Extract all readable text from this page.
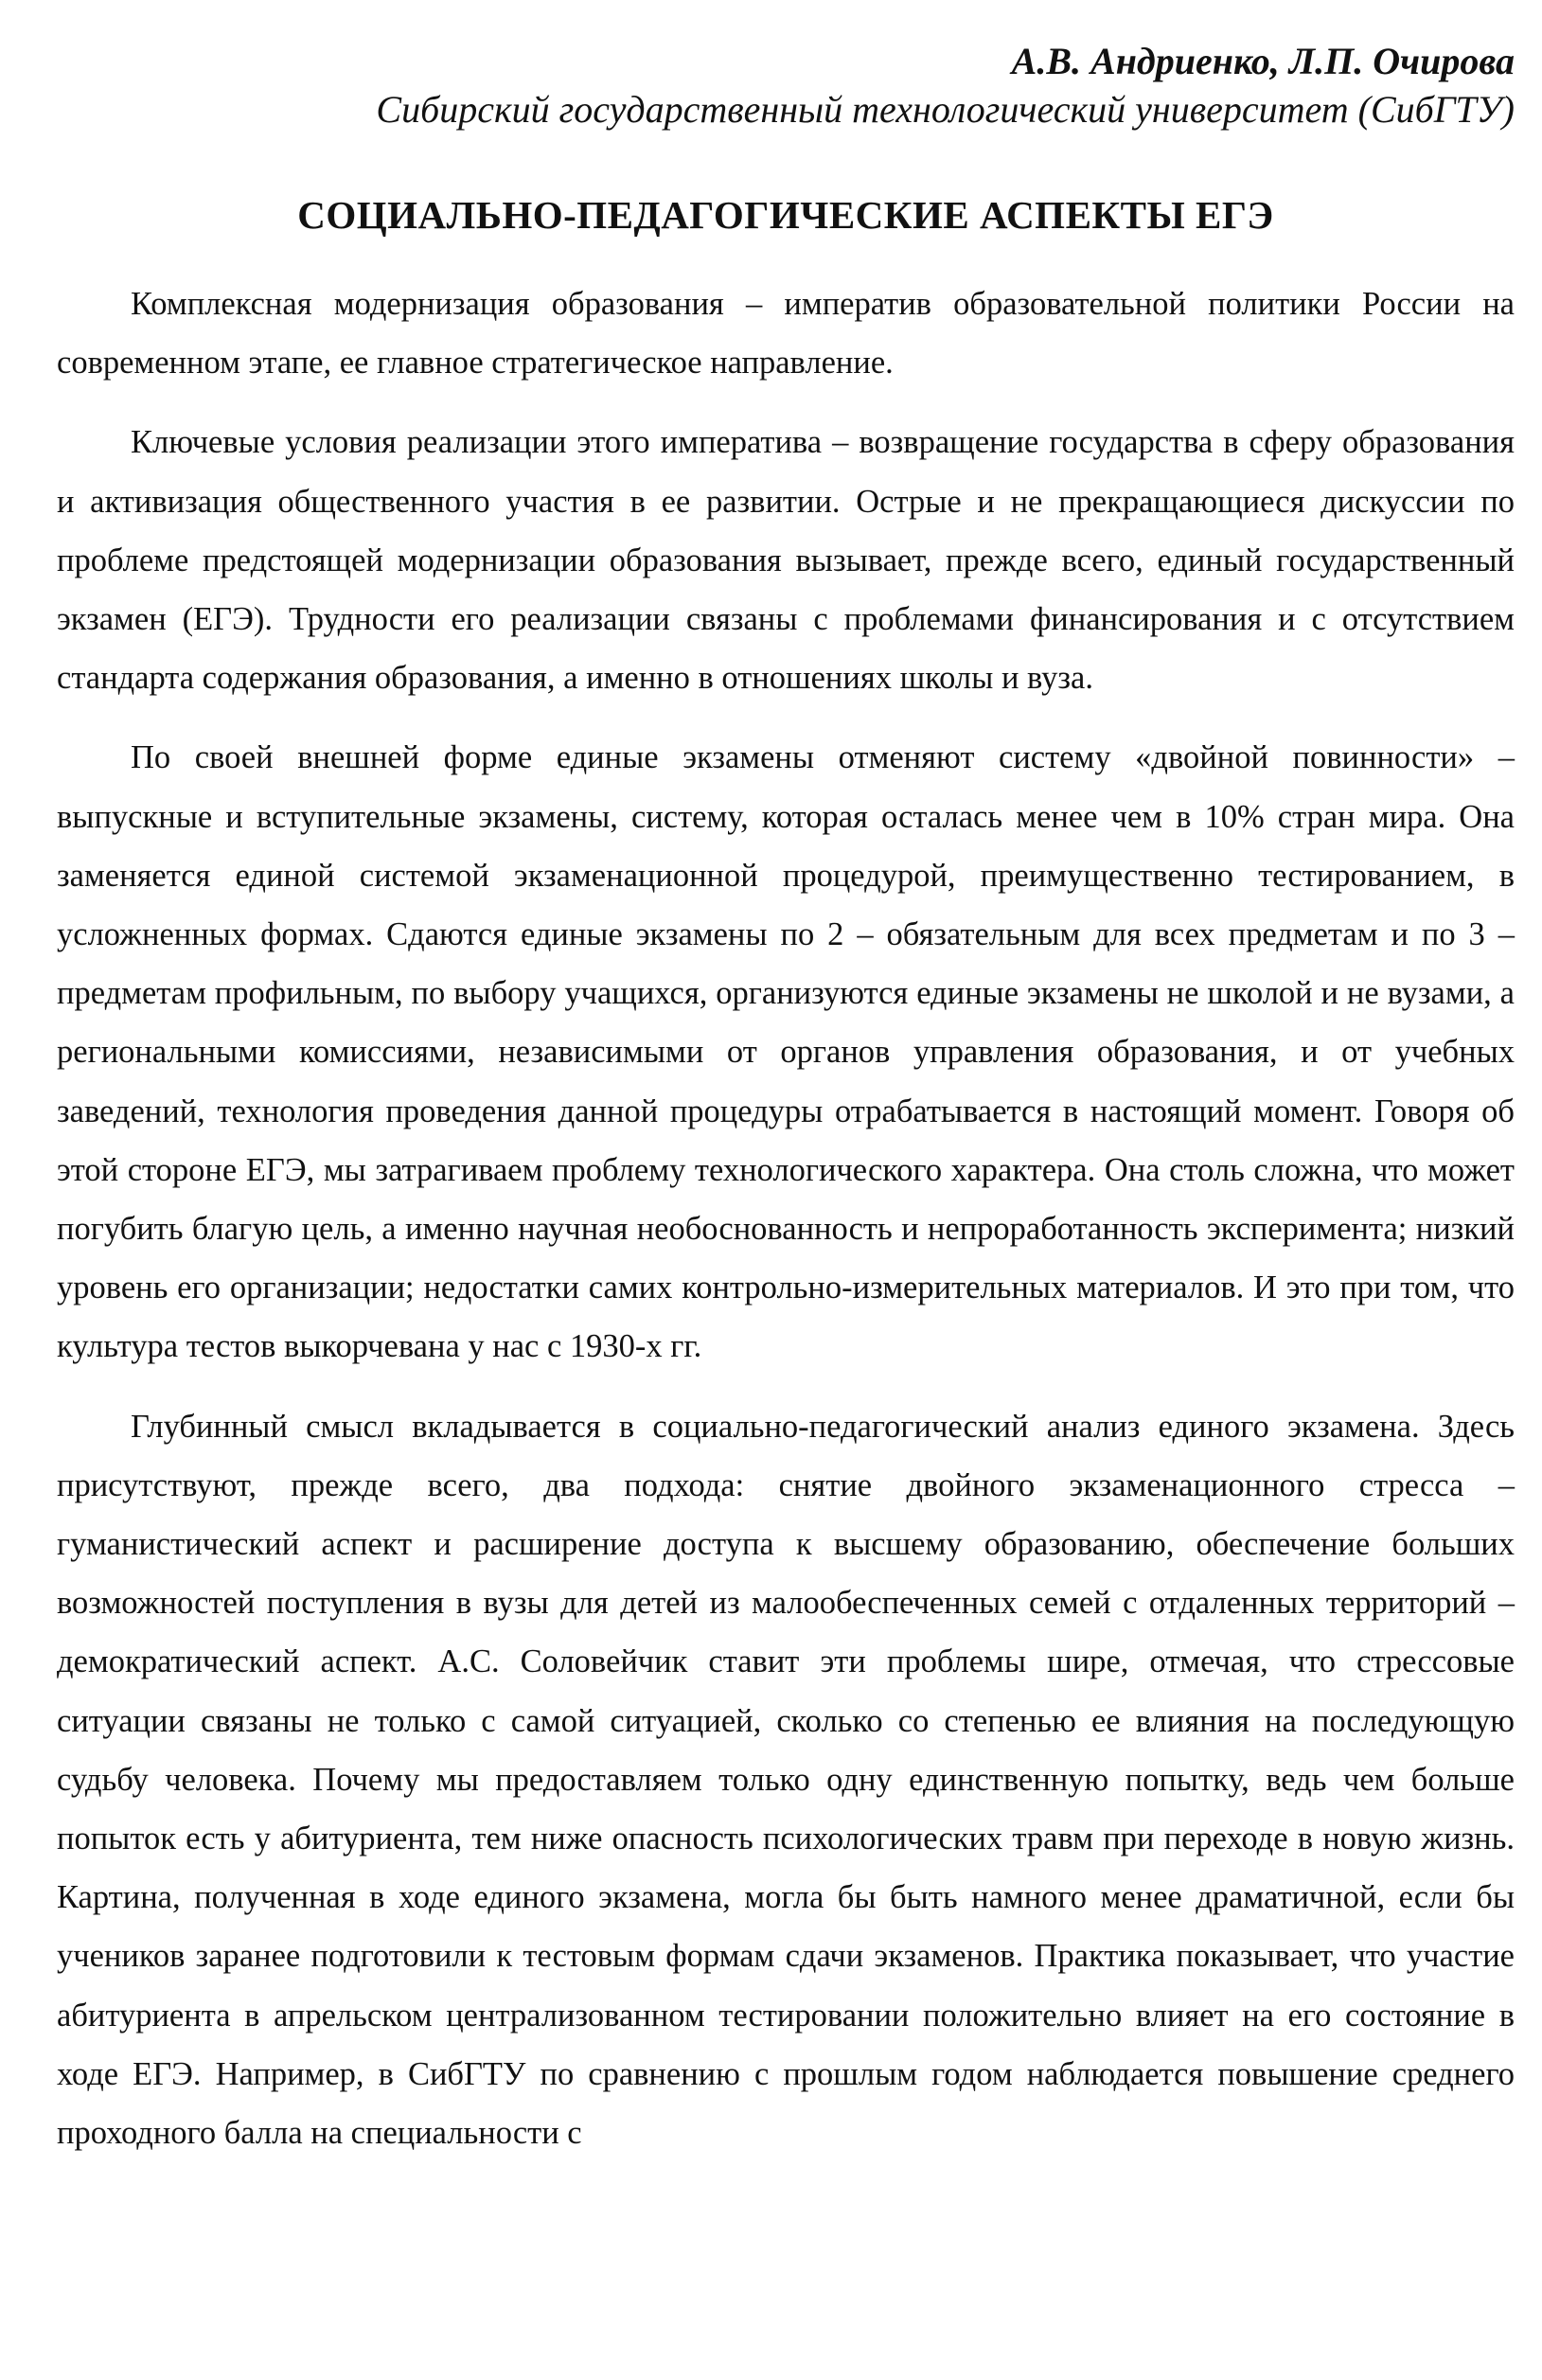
А.В. Андриенко, Л.П. Очирова

Сибирский государственный технологический университет (СибГТУ)

СОЦИАЛЬНО-ПЕДАГОГИЧЕСКИЕ АСПЕКТЫ ЕГЭ

Комплексная модернизация образования – императив образовательной политики России на современном этапе, ее главное стратегическое направление.

Ключевые условия реализации этого императива – возвращение государства в сферу образования и активизация общественного участия в ее развитии. Острые и не прекращающиеся дискуссии по проблеме предстоящей модернизации образования вызывает, прежде всего, единый государственный экзамен (ЕГЭ). Трудности его реализации связаны с проблемами финансирования и с отсутствием стандарта содержания образования, а именно в отношениях школы и вуза.

По своей внешней форме единые экзамены отменяют систему «двойной повинности» – выпускные и вступительные экзамены, систему, которая осталась менее чем в 10% стран мира. Она заменяется единой системой экзаменационной процедурой, преимущественно тестированием, в усложненных формах. Сдаются единые экзамены по 2 – обязательным для всех предметам и по 3 – предметам профильным, по выбору учащихся, организуются единые экзамены не школой и не вузами, а региональными комиссиями, независимыми от органов управления образования, и от учебных заведений, технология проведения данной процедуры отрабатывается в настоящий момент. Говоря об этой стороне ЕГЭ, мы затрагиваем проблему технологического характера. Она столь сложна, что может погубить благую цель, а именно научная необоснованность и непроработанность эксперимента; низкий уровень его организации; недостатки самих контрольно-измерительных материалов. И это при том, что культура тестов выкорчевана у нас с 1930-х гг.

Глубинный смысл вкладывается в социально-педагогический анализ единого экзамена. Здесь присутствуют, прежде всего, два подхода: снятие двойного экзаменационного стресса – гуманистический аспект и расширение доступа к высшему образованию, обеспечение больших возможностей поступления в вузы для детей из малообеспеченных семей с отдаленных территорий – демократический аспект. А.С. Соловейчик ставит эти проблемы шире, отмечая, что стрессовые ситуации связаны не только с самой ситуацией, сколько со степенью ее влияния на последующую судьбу человека. Почему мы предоставляем только одну единственную попытку, ведь чем больше попыток есть у абитуриента, тем ниже опасность психологических травм при переходе в новую жизнь. Картина, полученная в ходе единого экзамена, могла бы быть намного менее драматичной, если бы учеников заранее подготовили к тестовым формам сдачи экзаменов. Практика показывает, что участие абитуриента в апрельском централизованном тестировании положительно влияет на его состояние в ходе ЕГЭ. Например, в СибГТУ по сравнению с прошлым годом наблюдается повышение среднего проходного балла на специальности с
